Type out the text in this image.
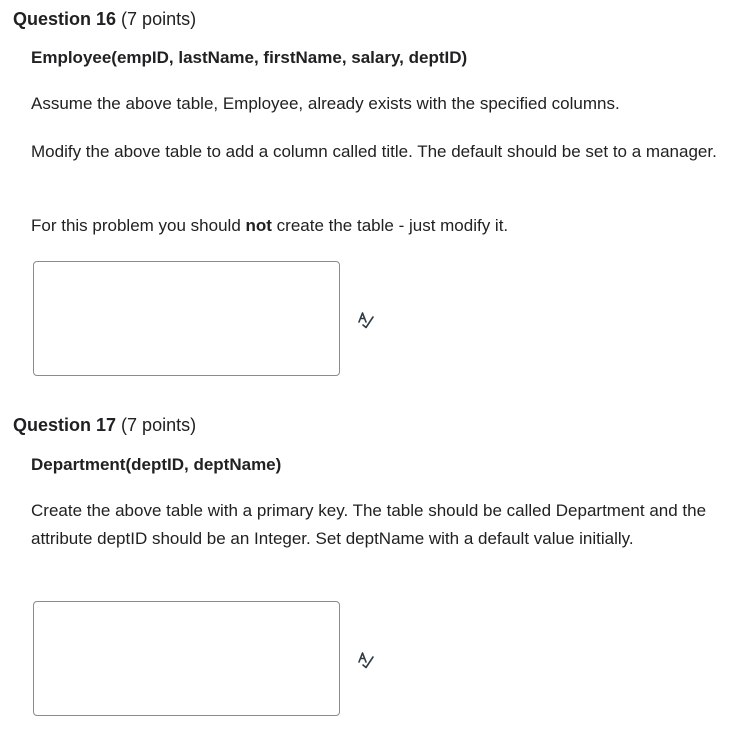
Question 16 (7 points)
Employee(empID, lastName, firstName, salary, deptID)
Assume the above table, Employee, already exists with the specified columns.
Modify the above table to add a column called title. The default should be set to a manager.
For this problem you should not create the table - just modify it.
Question 17 (7 points)
Department(deptID, deptName)
Create the above table with a primary key. The table should be called Department and the attribute deptID should be an Integer. Set deptName with a default value initially.
